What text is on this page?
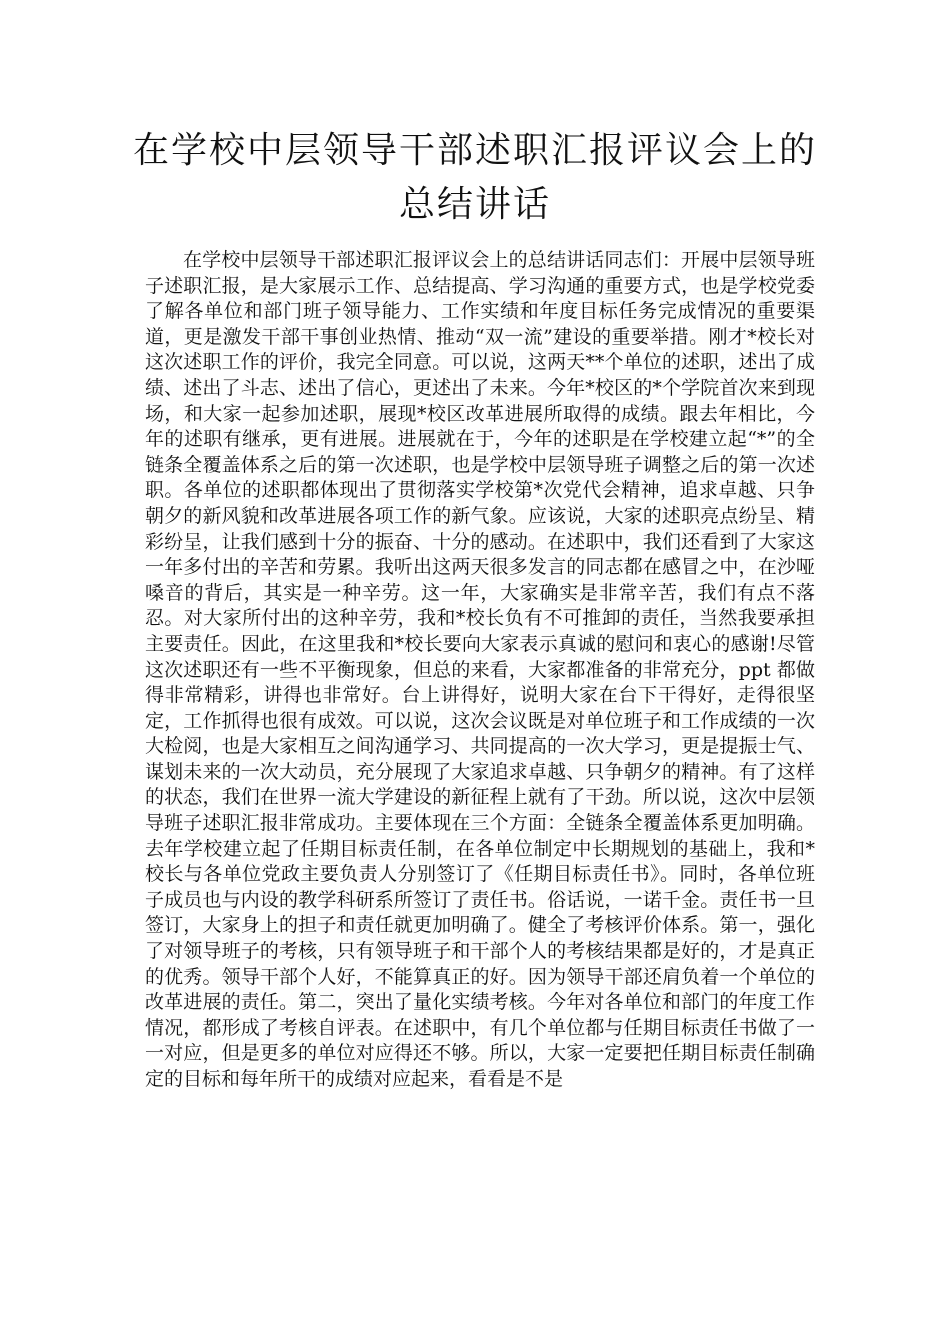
在学校中层领导干部述职汇报评议会上的
总结讲话

在学校中层领导干部述职汇报评议会上的总结讲话同志们：开展中层领导班子述职汇报，是大家展示工作、总结提高、学习沟通的重要方式，也是学校党委了解各单位和部门班子领导能力、工作实绩和年度目标任务完成情况的重要渠道，更是激发干部干事创业热情、推动“双一流”建设的重要举措。刚才*校长对这次述职工作的评价，我完全同意。可以说，这两天**个单位的述职，述出了成绩、述出了斗志、述出了信心，更述出了未来。今年*校区的*个学院首次来到现场，和大家一起参加述职，展现*校区改革进展所取得的成绩。跟去年相比，今年的述职有继承，更有进展。进展就在于，今年的述职是在学校建立起“*”的全链条全覆盖体系之后的第一次述职，也是学校中层领导班子调整之后的第一次述职。各单位的述职都体现出了贯彻落实学校第*次党代会精神，追求卓越、只争朝夕的新风貌和改革进展各项工作的新气象。应该说，大家的述职亮点纷呈、精彩纷呈，让我们感到十分的振奋、十分的感动。在述职中，我们还看到了大家这一年多付出的辛苦和劳累。我听出这两天很多发言的同志都在感冒之中，在沙哑嗓音的背后，其实是一种辛劳。这一年，大家确实是非常辛苦，我们有点不落忍。对大家所付出的这种辛劳，我和*校长负有不可推卸的责任，当然我要承担主要责任。因此，在这里我和*校长要向大家表示真诚的慰问和衷心的感谢!尽管这次述职还有一些不平衡现象，但总的来看，大家都准备的非常充分，ppt 都做得非常精彩，讲得也非常好。台上讲得好，说明大家在台下干得好，走得很坚定，工作抓得也很有成效。可以说，这次会议既是对单位班子和工作成绩的一次大检阅，也是大家相互之间沟通学习、共同提高的一次大学习，更是提振士气、谋划未来的一次大动员，充分展现了大家追求卓越、只争朝夕的精神。有了这样的状态，我们在世界一流大学建设的新征程上就有了干劲。所以说，这次中层领导班子述职汇报非常成功。主要体现在三个方面：全链条全覆盖体系更加明确。去年学校建立起了任期目标责任制，在各单位制定中长期规划的基础上，我和*校长与各单位党政主要负责人分别签订了《任期目标责任书》。同时，各单位班子成员也与内设的教学科研系所签订了责任书。俗话说，一诺千金。责任书一旦签订，大家身上的担子和责任就更加明确了。健全了考核评价体系。第一，强化了对领导班子的考核，只有领导班子和干部个人的考核结果都是好的，才是真正的优秀。领导干部个人好，不能算真正的好。因为领导干部还肩负着一个单位的改革进展的责任。第二，突出了量化实绩考核。今年对各单位和部门的年度工作情况，都形成了考核自评表。在述职中，有几个单位都与任期目标责任书做了一一对应，但是更多的单位对应得还不够。所以，大家一定要把任期目标责任制确定的目标和每年所干的成绩对应起来，看看是不是
